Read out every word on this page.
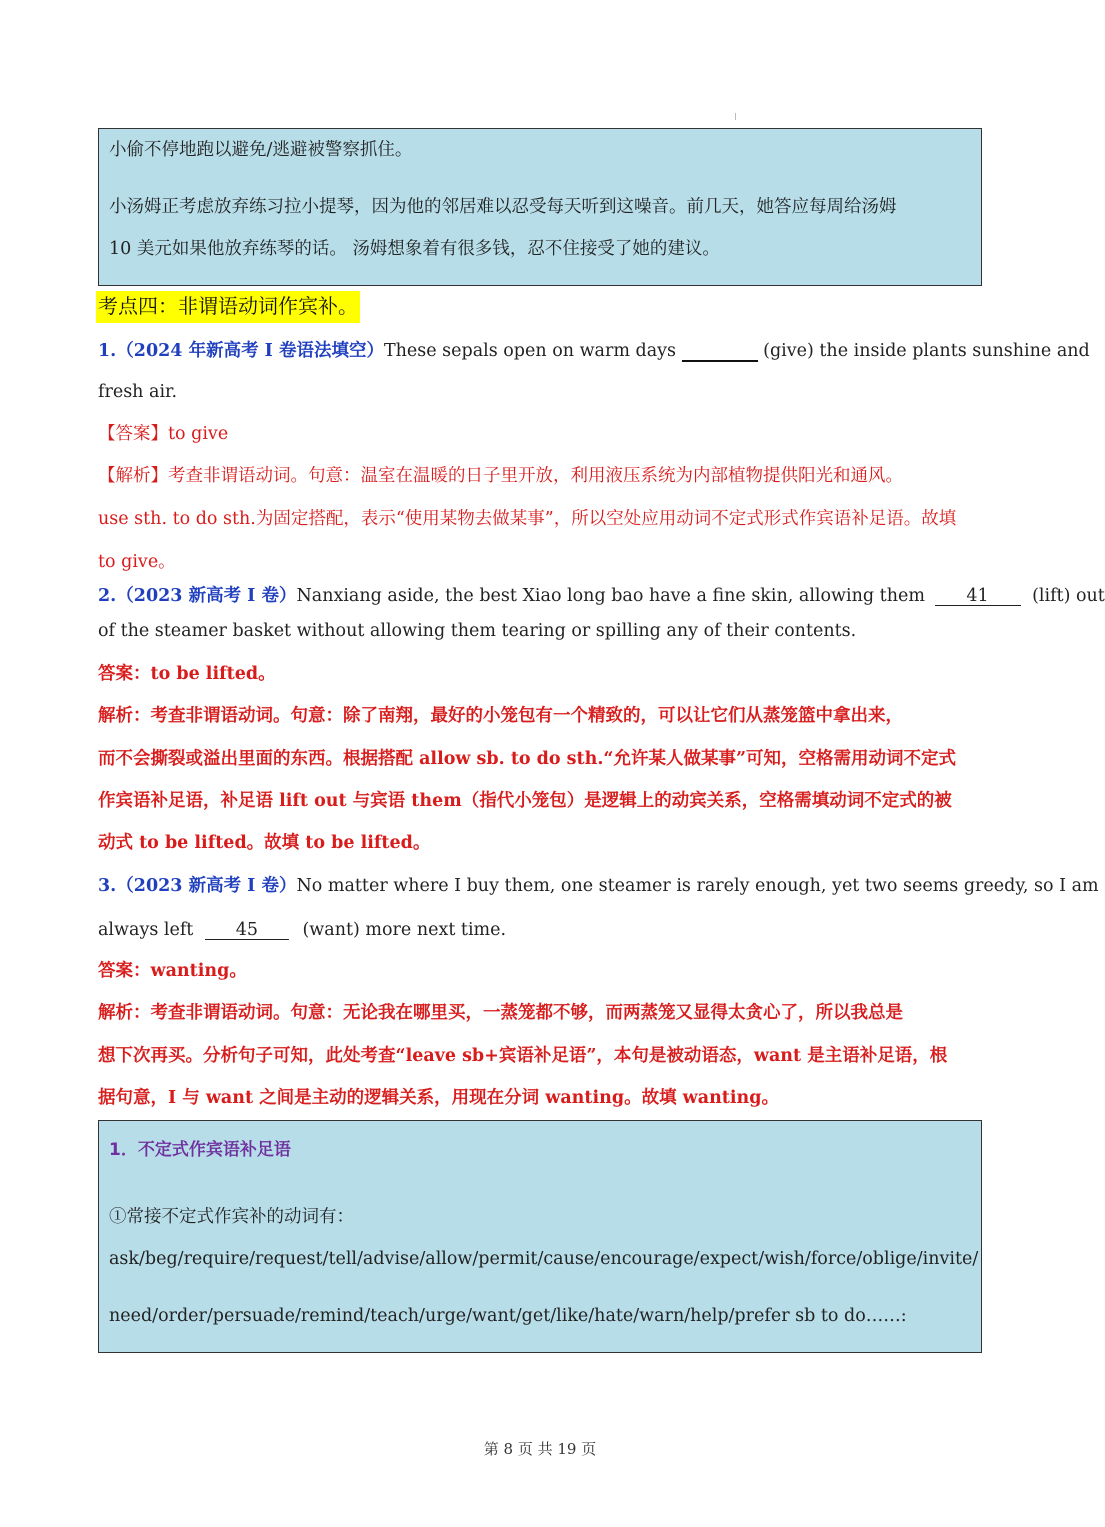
小偷不停地跑以避免/逃避被警察抓住。
小汤姆正考虑放弃练习拉小提琴，因为他的邻居难以忍受每天听到这噪音。前几天，她答应每周给汤姆
10 美元如果他放弃练琴的话。 汤姆想象着有很多钱，忍不住接受了她的建议。
考点四：非谓语动词作宾补。
1.（2024 年新高考 I 卷语法填空）These sepals open on warm days	(give) the inside plants sunshine and
fresh air.
【答案】to give
【解析】考查非谓语动词。句意：温室在温暖的日子里开放，利用液压系统为内部植物提供阳光和通风。
use sth. to do sth.为固定搭配，表示“使用某物去做某事”，所以空处应用动词不定式形式作宾语补足语。故填
to give。
2.（2023 新高考 I 卷）Nanxiang aside, the best Xiao long bao have a fine skin, allowing them 41 (lift) out
of the steamer basket without allowing them tearing or spilling any of their contents.
答案：to be lifted。
解析：考查非谓语动词。句意：除了南翔，最好的小笼包有一个精致的，可以让它们从蒸笼篮中拿出来，
而不会撕裂或溢出里面的东西。根据搭配 allow sb. to do sth.“允许某人做某事”可知，空格需用动词不定式
作宾语补足语，补足语 lift out 与宾语 them（指代小笼包）是逻辑上的动宾关系，空格需填动词不定式的被
动式 to be lifted。故填 to be lifted。
3.（2023 新高考 I 卷）No matter where I buy them, one steamer is rarely enough, yet two seems greedy, so I am
always left 45 (want) more next time.
答案：wanting。
解析：考查非谓语动词。句意：无论我在哪里买，一蒸笼都不够，而两蒸笼又显得太贪心了，所以我总是
想下次再买。分析句子可知，此处考查“leave sb+宾语补足语”，本句是被动语态，want 是主语补足语，根
据句意，I 与 want 之间是主动的逻辑关系，用现在分词 wanting。故填 wanting。
1．不定式作宾语补足语
①常接不定式作宾补的动词有：
ask/beg/require/request/tell/advise/allow/permit/cause/encourage/expect/wish/force/oblige/invite/
need/order/persuade/remind/teach/urge/want/get/like/hate/warn/help/prefer sb to do……:
第 8 页 共 19 页
